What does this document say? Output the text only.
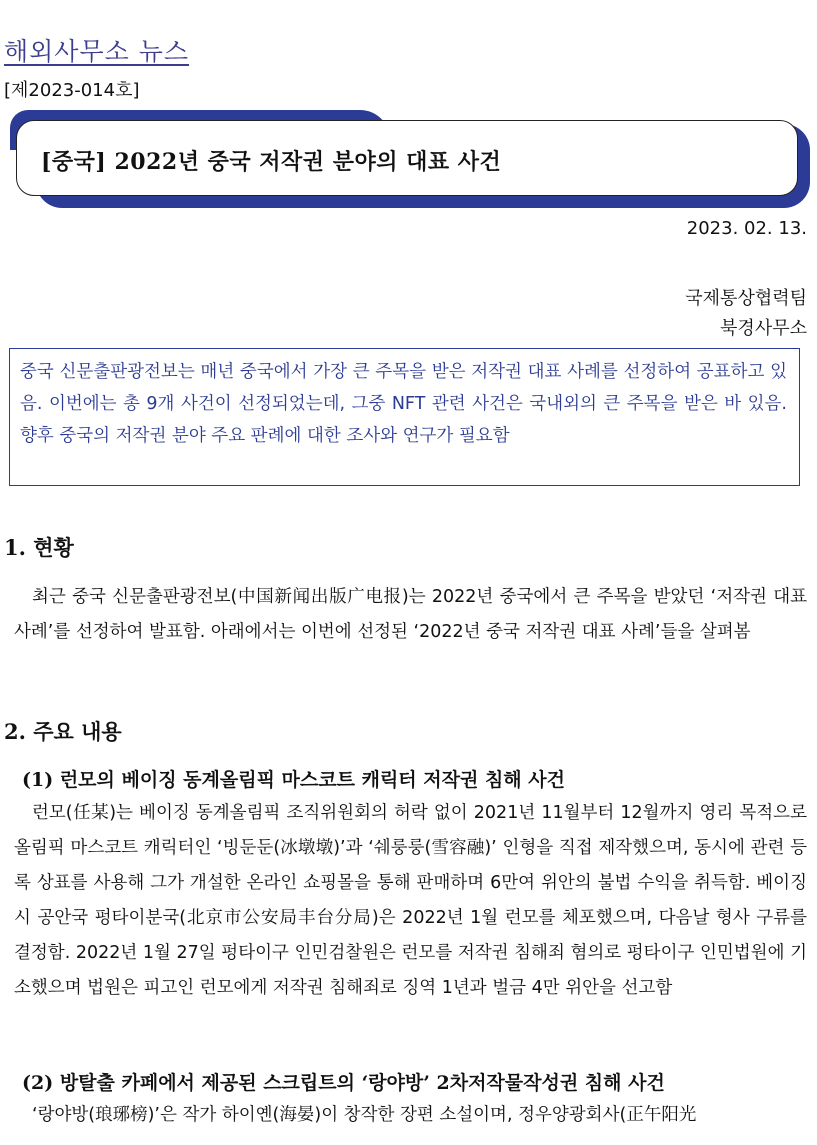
해외사무소 뉴스
[제2023-014호]
[중국] 2022년 중국 저작권 분야의 대표 사건
2023. 02. 13.
국제통상협력팀
북경사무소
중국 신문출판광전보는 매년 중국에서 가장 큰 주목을 받은 저작권 대표 사례를 선정하여 공표하고 있음. 이번에는 총 9개 사건이 선정되었는데, 그중 NFT 관련 사건은 국내외의 큰 주목을 받은 바 있음. 향후 중국의 저작권 분야 주요 판례에 대한 조사와 연구가 필요함
1. 현황
최근 중국 신문출판광전보(中国新闻出版广电报)는 2022년 중국에서 큰 주목을 받았던 ‘저작권 대표 사례’를 선정하여 발표함. 아래에서는 이번에 선정된 ‘2022년 중국 저작권 대표 사례’들을 살펴봄
2. 주요 내용
(1) 런모의 베이징 동계올림픽 마스코트 캐릭터 저작권 침해 사건
런모(任某)는 베이징 동계올림픽 조직위원회의 허락 없이 2021년 11월부터 12월까지 영리 목적으로 올림픽 마스코트 캐릭터인 ‘빙둔둔(冰墩墩)’과 ‘쉐룽룽(雪容融)’ 인형을 직접 제작했으며, 동시에 관련 등록 상표를 사용해 그가 개설한 온라인 쇼핑몰을 통해 판매하며 6만여 위안의 불법 수익을 취득함. 베이징시 공안국 펑타이분국(北京市公安局丰台分局)은 2022년 1월 런모를 체포했으며, 다음날 형사 구류를 결정함. 2022년 1월 27일 펑타이구 인민검찰원은 런모를 저작권 침해죄 혐의로 펑타이구 인민법원에 기소했으며 법원은 피고인 런모에게 저작권 침해죄로 징역 1년과 벌금 4만 위안을 선고함
(2) 방탈출 카페에서 제공된 스크립트의 ‘랑야방’ 2차저작물작성권 침해 사건
‘랑야방(琅琊榜)’은 작가 하이옌(海晏)이 창작한 장편 소설이며, 정우양광회사(正午阳光
